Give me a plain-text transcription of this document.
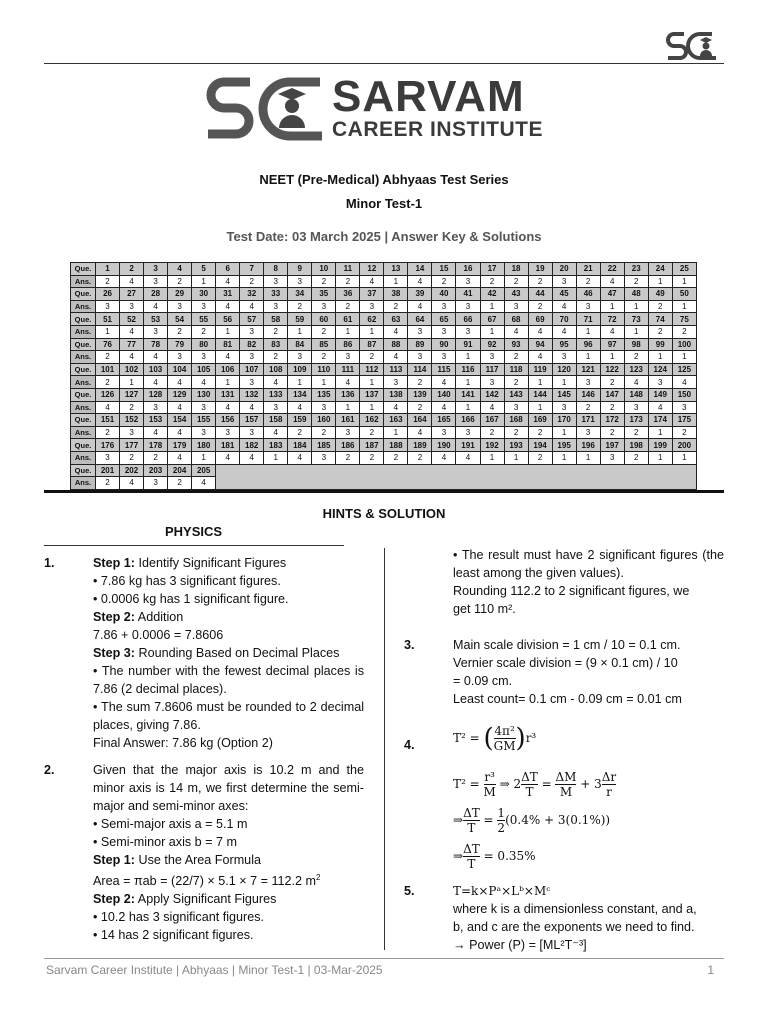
SARVAM
CAREER INSTITUTE
NEET (Pre-Medical) Abhyaas Test Series
Minor Test-1
Test Date: 03 March 2025 | Answer Key & Solutions
Que.	1	2	3	4	5	6	7	8	9	10	11	12	13	14	15	16	17	18	19	20	21	22	23	24	25
Ans.	2	4	3	2	1	4	2	3	3	2	2	4	1	4	2	3	2	2	2	3	2	4	2	1	1
Que.	26	27	28	29	30	31	32	33	34	35	36	37	38	39	40	41	42	43	44	45	46	47	48	49	50
Ans.	3	3	4	3	3	4	4	3	2	3	2	3	2	4	3	3	1	3	2	4	3	1	1	2	1
Que.	51	52	53	54	55	56	57	58	59	60	61	62	63	64	65	66	67	68	69	70	71	72	73	74	75
Ans.	1	4	3	2	2	1	3	2	1	2	1	1	4	3	3	3	1	4	4	4	1	4	1	2	2
Que.	76	77	78	79	80	81	82	83	84	85	86	87	88	89	90	91	92	93	94	95	96	97	98	99	100
Ans.	2	4	4	3	3	4	3	2	3	2	3	2	4	3	3	1	3	2	4	3	1	1	2	1	1
Que.	101	102	103	104	105	106	107	108	109	110	111	112	113	114	115	116	117	118	119	120	121	122	123	124	125
Ans.	2	1	4	4	4	1	3	4	1	1	4	1	3	2	4	1	3	2	1	1	3	2	4	3	4
Que.	126	127	128	129	130	131	132	133	134	135	136	137	138	139	140	141	142	143	144	145	146	147	148	149	150
Ans.	4	2	3	4	3	4	4	3	4	3	1	1	4	2	4	1	4	3	1	3	2	2	3	4	3
Que.	151	152	153	154	155	156	157	158	159	160	161	162	163	164	165	166	167	168	169	170	171	172	173	174	175
Ans.	2	3	4	4	3	3	3	4	2	2	3	2	1	4	3	3	2	2	2	1	3	2	2	1	2
Que.	176	177	178	179	180	181	182	183	184	185	186	187	188	189	190	191	192	193	194	195	196	197	198	199	200
Ans.	3	2	2	4	1	4	4	1	4	3	2	2	2	2	4	4	1	1	2	1	1	3	2	1	1
Que.	201	202	203	204	205																				
Ans.	2	4	3	2	4																				
HINTS & SOLUTION
PHYSICS
1.	Step 1: Identify Significant Figures
• 7.86 kg has 3 significant figures.
• 0.0006 kg has 1 significant figure.
Step 2: Addition
7.86 + 0.0006 = 7.8606
Step 3: Rounding Based on Decimal Places
• The number with the fewest decimal places is 7.86 (2 decimal places).
• The sum 7.8606 must be rounded to 2 decimal places, giving 7.86.
Final Answer: 7.86 kg (Option 2)
2.	Given that the major axis is 10.2 m and the minor axis is 14 m, we first determine the semi-major and semi-minor axes:
• Semi-major axis a = 5.1 m
• Semi-minor axis b = 7 m
Step 1: Use the Area Formula
Area = πab = (22/7) × 5.1 × 7 = 112.2 $m^2$
Step 2: Apply Significant Figures
• 10.2 has 3 significant figures.
• 14 has 2 significant figures.
• The result must have 2 significant figures (the least among the given values).
Rounding 112.2 to 2 significant figures, we
get 110 m².
3.	Main scale division = 1 cm / 10 = 0.1 cm.
Vernier scale division = (9 × 0.1 cm) / 10
= 0.09 cm.
Least count= 0.1 cm - 0.09 cm = 0.01 cm
4.	T² = ( $\frac{\text{4π²}}{GM} )r^3$
$T^2 = \frac{\text{r³}}{M}$ ⇒ $2 \frac{\Delta T}{T} = \frac{\Delta M}{M} + 3 \frac{\Delta r}{r}$
⇒ $\frac{\Delta T}{T} = \frac{1}{2} (0.4\% + 3(0.1\%))$
⇒ $\frac{\Delta T}{T} = 0.35\%$
5.	T=k×Pᵃ×Lᵇ×Mᶜ
where k is a dimensionless constant, and a,
b, and c are the exponents we need to find.
→ Power (P) = [ML²T⁻³]
Sarvam Career Institute | Abhyaas | Minor Test-1 | 03-Mar-2025	1
